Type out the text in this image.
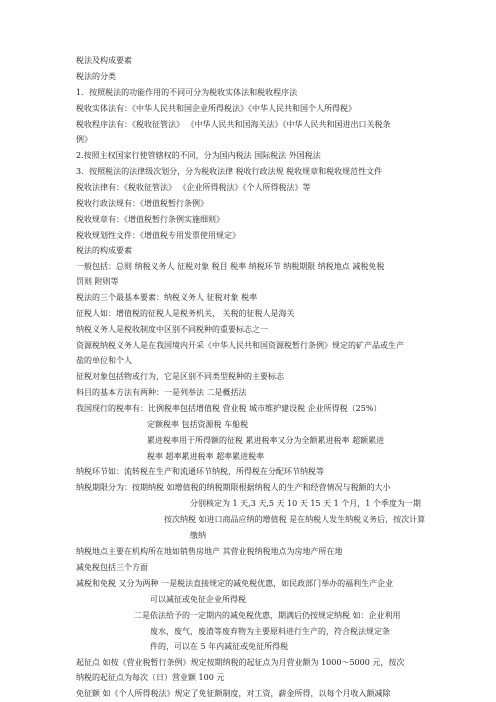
税法及构成要素
税法的分类
1．按照税法的功能作用的不同可分为税收实体法和税收程序法
税收实体法有：《中华人民共和国企业所得税法》《中华人民共和国个人所得税》
税收程序法有：《税收征管法》 《中华人民共和国海关法》《中华人民共和国进出口关税条
例》
2.按照主权国家行使管辖权的不同，分为国内税法 国际税法 外国税法
3．按照税法的法律级次划分，分为税收法律 税收行政法规 税收规章和税收规范性文件
税收法律有：《税收征管法》 《企业所得税法》《个人所得税法》等
税收行政法规有：《增值税暂行条例》
税收规章有：《增值税暂行条例实施细则》
税收规划性文件：《增值税专用发票使用规定》
税法的构成要素
一般包括：总则 纳税义务人 征税对象 税目 税率 纳税环节 纳税期限 纳税地点 减税免税
罚则 附则等
税法的三个最基本要素：纳税义务人 征税对象 税率
征税人如：增值税的征税人是税务机关， 关税的征税人是海关
纳税义务人是税收制度中区别不同税种的重要标志之一
资源税纳税义务人是在我国境内开采《中华人民共和国资源税暂行条例》规定的矿产品或生产
盐的单位和个人
征税对象包括物或行为，它是区别不同类型税种的主要标志
科目的基本方法有两种：一是列举法 二是概括法
我国现行的税率有：比例税率包括增值税 营业税 城市维护建设税 企业所得税（25%）
定额税率 包括资源税 车船税
累进税率用于所得额的征税 累进税率又分为全额累进税率 超额累进
税率 超率累进税率 超率累进税率
纳税环节如：流转税在生产和流通环节纳税，所得税在分配环节纳税等
纳税期限分为：按期纳税 如增值税的纳税期限根据纳税人的生产和经营情况与税额的大小
分别核定为 1 天,3 天,5 天 10 天 15 天 1 个月，1 个季度为一期
按次纳税 如进口商品应纳的增值税 是在纳税人发生纳税义务后，按次计算
缴纳
纳税地点主要在机构所在地如销售房地产 其营业税纳税地点为房地产所在地
减免税包括三个方面
减税和免税 又分为两种 一是税法直接规定的减免税优惠，如民政部门举办的福利生产企业
可以减征或免征企业所得税
二是依法给予的一定期内的减免税优惠，期满后仍按规定纳税 如：企业利用
废水，废气，废渣等废弃物为主要原料进行生产的，符合税法规定条
件的，可以在 5 年内减征或免征所得税
起征点 如按《营业税暂行条例》规定按期纳税的起征点为月营业额为 1000～5000 元，按次
纳税的起征点为每次（日）营业额 100 元
免征额 如《个人所得税法》规定了免征额制度，对工资，薪金所得，以每个月收入额减除
